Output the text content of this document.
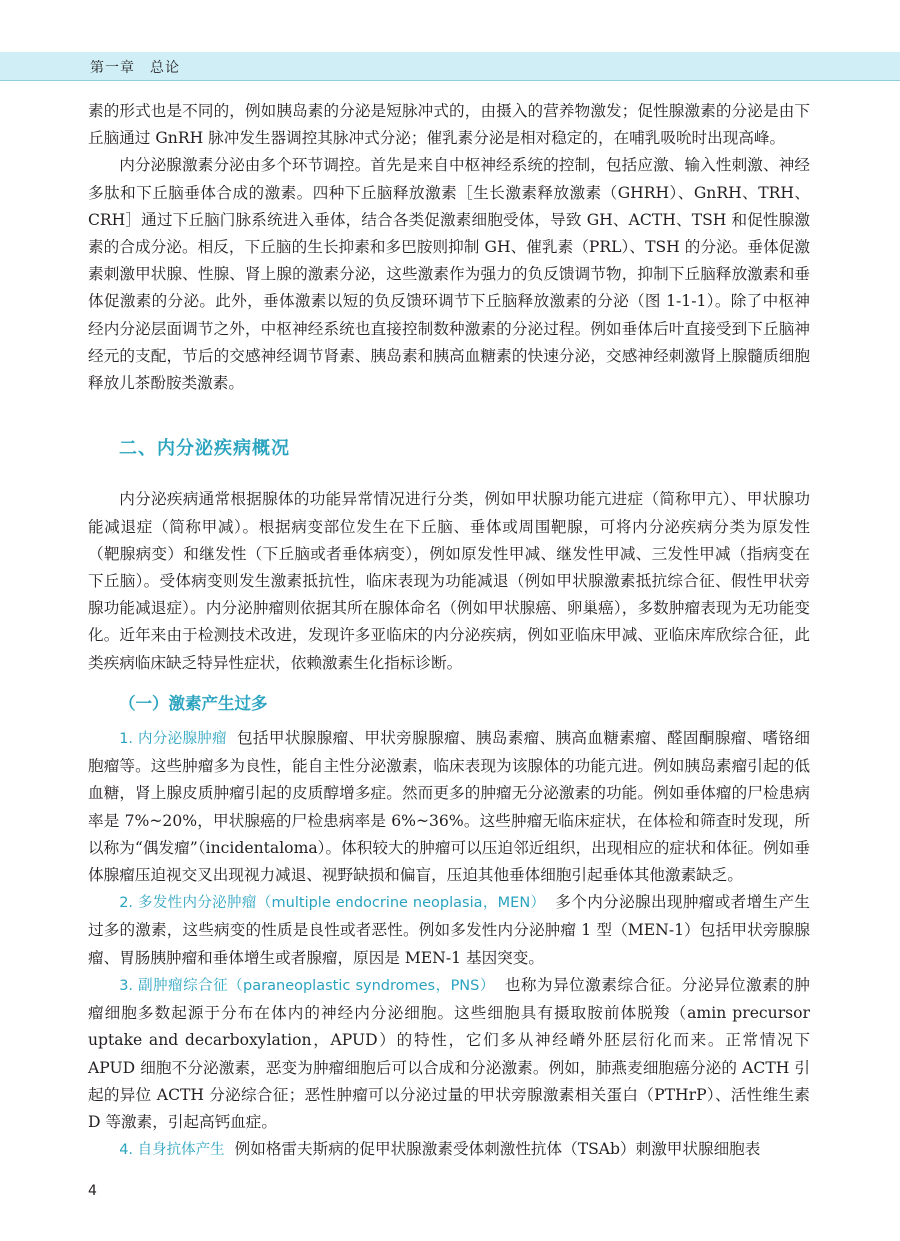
第一章　总论

素的形式也是不同的，例如胰岛素的分泌是短脉冲式的，由摄入的营养物激发；促性腺激素的分泌是由下丘脑通过 GnRH 脉冲发生器调控其脉冲式分泌；催乳素分泌是相对稳定的，在哺乳吸吮时出现高峰。

内分泌腺激素分泌由多个环节调控。首先是来自中枢神经系统的控制，包括应激、输入性刺激、神经多肽和下丘脑垂体合成的激素。四种下丘脑释放激素［生长激素释放激素（GHRH）、GnRH、TRH、CRH］通过下丘脑门脉系统进入垂体，结合各类促激素细胞受体，导致 GH、ACTH、TSH 和促性腺激素的合成分泌。相反，下丘脑的生长抑素和多巴胺则抑制 GH、催乳素（PRL）、TSH 的分泌。垂体促激素刺激甲状腺、性腺、肾上腺的激素分泌，这些激素作为强力的负反馈调节物，抑制下丘脑释放激素和垂体促激素的分泌。此外，垂体激素以短的负反馈环调节下丘脑释放激素的分泌（图 1-1-1）。除了中枢神经内分泌层面调节之外，中枢神经系统也直接控制数种激素的分泌过程。例如垂体后叶直接受到下丘脑神经元的支配，节后的交感神经调节肾素、胰岛素和胰高血糖素的快速分泌，交感神经刺激肾上腺髓质细胞释放儿茶酚胺类激素。

二、内分泌疾病概况

内分泌疾病通常根据腺体的功能异常情况进行分类，例如甲状腺功能亢进症（简称甲亢）、甲状腺功能减退症（简称甲减）。根据病变部位发生在下丘脑、垂体或周围靶腺，可将内分泌疾病分类为原发性（靶腺病变）和继发性（下丘脑或者垂体病变），例如原发性甲减、继发性甲减、三发性甲减（指病变在下丘脑）。受体病变则发生激素抵抗性，临床表现为功能减退（例如甲状腺激素抵抗综合征、假性甲状旁腺功能减退症）。内分泌肿瘤则依据其所在腺体命名（例如甲状腺癌、卵巢癌），多数肿瘤表现为无功能变化。近年来由于检测技术改进，发现许多亚临床的内分泌疾病，例如亚临床甲减、亚临床库欣综合征，此类疾病临床缺乏特异性症状，依赖激素生化指标诊断。

（一）激素产生过多

1. 内分泌腺肿瘤 包括甲状腺腺瘤、甲状旁腺腺瘤、胰岛素瘤、胰高血糖素瘤、醛固酮腺瘤、嗜铬细胞瘤等。这些肿瘤多为良性，能自主性分泌激素，临床表现为该腺体的功能亢进。例如胰岛素瘤引起的低血糖，肾上腺皮质肿瘤引起的皮质醇增多症。然而更多的肿瘤无分泌激素的功能。例如垂体瘤的尸检患病率是 7%~20%，甲状腺癌的尸检患病率是 6%~36%。这些肿瘤无临床症状，在体检和筛查时发现，所以称为“偶发瘤”（incidentaloma）。体积较大的肿瘤可以压迫邻近组织，出现相应的症状和体征。例如垂体腺瘤压迫视交叉出现视力减退、视野缺损和偏盲，压迫其他垂体细胞引起垂体其他激素缺乏。

2. 多发性内分泌肿瘤（multiple endocrine neoplasia，MEN） 多个内分泌腺出现肿瘤或者增生产生过多的激素，这些病变的性质是良性或者恶性。例如多发性内分泌肿瘤 1 型（MEN-1）包括甲状旁腺腺瘤、胃肠胰肿瘤和垂体增生或者腺瘤，原因是 MEN-1 基因突变。

3. 副肿瘤综合征（paraneoplastic syndromes，PNS） 也称为异位激素综合征。分泌异位激素的肿瘤细胞多数起源于分布在体内的神经内分泌细胞。这些细胞具有摄取胺前体脱羧（amin precursor uptake and decarboxylation，APUD）的特性，它们多从神经嵴外胚层衍化而来。正常情况下 APUD 细胞不分泌激素，恶变为肿瘤细胞后可以合成和分泌激素。例如，肺燕麦细胞癌分泌的 ACTH 引起的异位 ACTH 分泌综合征；恶性肿瘤可以分泌过量的甲状旁腺激素相关蛋白（PTHrP）、活性维生素 D 等激素，引起高钙血症。

4. 自身抗体产生 例如格雷夫斯病的促甲状腺激素受体刺激性抗体（TSAb）刺激甲状腺细胞表

4
